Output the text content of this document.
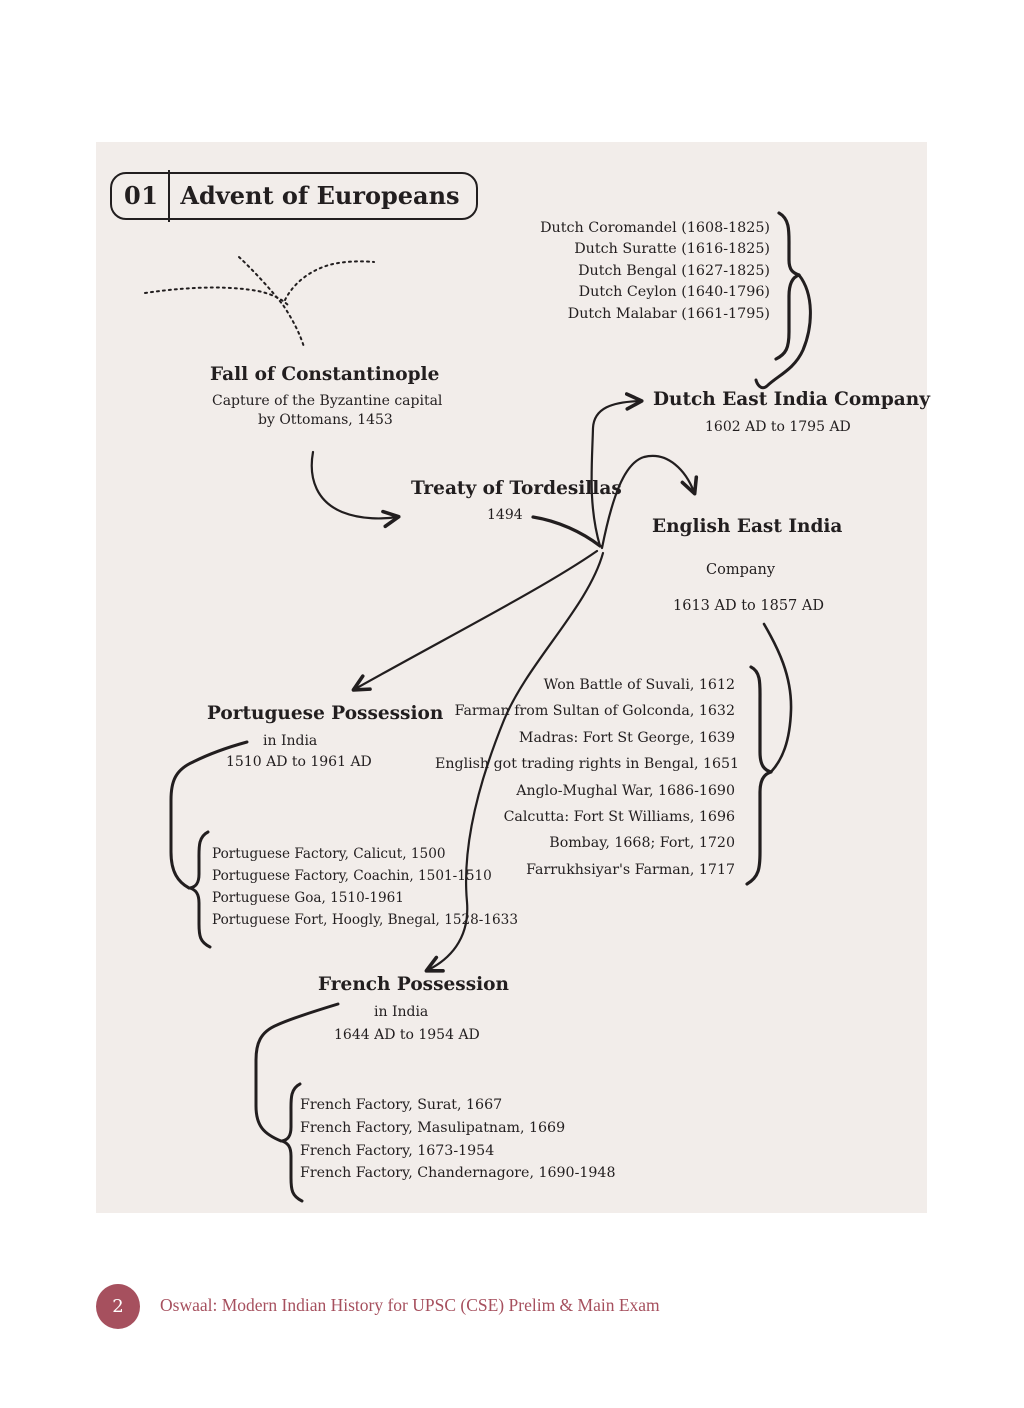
01 Advent of Europeans
Dutch Coromandel (1608-1825)
Dutch Suratte (1616-1825)
Dutch Bengal (1627-1825)
Dutch Ceylon (1640-1796)
Dutch Malabar (1661-1795)
Fall of Constantinople
Capture of the Byzantine capital
by Ottomans, 1453
Treaty of Tordesillas
1494
Dutch East India Company
1602 AD to 1795 AD
English East India
Company
1613 AD to 1857 AD
Won Battle of Suvali, 1612
Farman from Sultan of Golconda, 1632
Madras: Fort St George, 1639
English got trading rights in Bengal, 1651
Anglo-Mughal War, 1686-1690
Calcutta: Fort St Williams, 1696
Bombay, 1668; Fort, 1720
Farrukhsiyar's Farman, 1717
Portuguese Possession
in India
1510 AD to 1961 AD
Portuguese Factory, Calicut, 1500
Portuguese Factory, Coachin, 1501-1510
Portuguese Goa, 1510-1961
Portuguese Fort, Hoogly, Bnegal, 1528-1633
French Possession
in India
1644 AD to 1954 AD
French Factory, Surat, 1667
French Factory, Masulipatnam, 1669
French Factory, 1673-1954
French Factory, Chandernagore, 1690-1948
2 Oswaal: Modern Indian History for UPSC (CSE) Prelim & Main Exam
